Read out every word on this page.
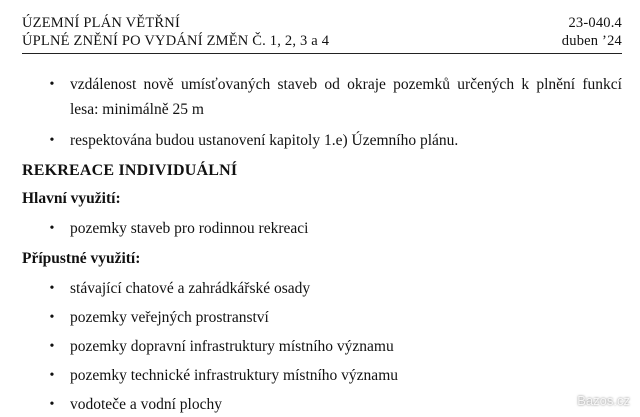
ÚZEMNÍ PLÁN VĚTŘNÍ	23-040.4
ÚPLNÉ ZNĚNÍ PO VYDÁNÍ ZMĚN Č. 1, 2, 3 a 4	duben ’24
• vzdálenost nově umísťovaných staveb od okraje pozemků určených k plnění funkcí
lesa: minimálně 25 m
• respektována budou ustanovení kapitoly 1.e) Územního plánu.
REKREACE INDIVIDUÁLNÍ
Hlavní využití:
• pozemky staveb pro rodinnou rekreaci
Přípustné využití:
• stávající chatové a zahrádkářské osady
• pozemky veřejných prostranství
• pozemky dopravní infrastruktury místního významu
• pozemky technické infrastruktury místního významu
• vodoteče a vodní plochy	Bazos.cz
